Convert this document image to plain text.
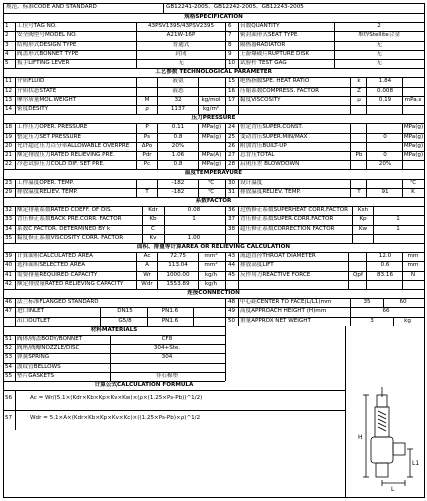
规范、标准CODE AND STANDARD	GB12241-2005、GB12242-2005、GB12243-2005
规格SPECIFICATION
1	工位号TAG NO.	43PSV1395/43PSV2395	6	台数QUANTITY	2
2	安全阀型号MODEL NO.	A21W-16P	7	密封面形式SEAT TYPE	堆焊Stellite合金
3	结构形式DESIGN TYPE	普通式	8	隔热器RADIATOR	无
4	阀盖形式BONNET TYPE	封闭	9	上游爆破片RUPTURE DISK	无
5	扳手LIFTING LEVER	无	10 试验杆 TEST GAG	无
工艺参数 TECHNOLOGICAL PARAMETER
11 介质FLUID	液氨	15 绝热指数SPE. HEAT RATIO	k	1.84
12 介质状态STATE	液态	16 压缩系数COMPRESS. FACTOR	Z	0.008
13 摩尔质量MOL.WEIGHT	M	32	kg/mol	17 黏度VISCOSITY	μ	0.19	mPa.s
14 密度DESITY	ρ	1137	kg/m²
压力PRESSURE
18 工作压力OPER. PRESSURE	P	0.11	MPa(g)	24 恒定背压SUPER.CONST.	MPa(g)
19 整定压力SET PRESSURE	Ps	0.8	MPa(g)	25 变动背压SUPER.MIN/MAX	0	MPa(g)
20 允许超过压力百分率ALLOWABLE OVERPRE	ΔPo	20%	26 附加背压BUILT-UP	MPa(g)
21 额定排放压力RATED RELIEVING PRE.	Pdr	1.06	MPa(A)	27 总背压TOTAL	Pb	0	MPa(g)
22 冷态试验压力COLD DIF. SET PRE.	Pc	0.8	MPa(g)	28 启闭压差 BLOWDOWN	20%
温度TEMPERAYURE
23 工作温度OPER. TEMP.	-182	℃	30 设计温度	℃
29 排放温度RELIEV. TEMP.	T	-182	℃	31 排放温度RELIEV. TEMP.	T	91	K
系数FACTOR
32 额定排量系数RATED COEFF. OF DIS.	Kdr	0.08	36 过热修正系数SUPERHEAT CORR.FACTOR	Ksh
33 背压修正系数BACK PRE.CORR. FACTOR	Kb	1	37 背压修正系数SUPER.CORR.FACTOR	Kp	1
34 系数C FACTOR. DETERMINED BY k	C	38 超压修正系数CORRECTION FACTOR	Kw	1
35 黏度修正系数VISCOSITY CORR. FACTOR	Kv	1.00
面积、排量等计算AREA OR RELIEVING CALCULATION
39 计算面积CALCULATED AREA	Ac	72.75	mm²	43 流道直径THROAT DIAMETER	12.0	mm
40 选择面积SELECTED AREA	A	113.04	mm²	44 排放高度LIFT	0.6	mm
41 需要排量REQUIRED CAPACITY	Wr	1000.00	kg/h	45 反作用力REACTIVE FORCE	Qpf	83.16	N
42 额定排放量RATED RELIEVING CAPACITY	Wdr	1553.89	kg/h
连接CONNECTION
46 法兰标准FLANGED STANDARD	48 中心距CENTER TO FACE(L/L1)mm	35	60
47 进口INLET	DN15	PN1.6	49 高度APPROACH HEIGHT (H)mm	66
出口OUTLET	G5/8	PN1.6	50 重量APPROX NET WEIGHT	3	kg
材料MATERIALS
51 阀体/阀盖BODY/BONNET	CF8
52 阀座/阀瓣NOZZLE/DISC	304+Ste.
53 弹簧SPRING	304
54 波纹管BELLOWS
55 垫片GASKETS	非石棉垫
计算公式CALCULATION FORMULA
56	Ac = Wr/(5.1×(Kdr×Kb×Kp×Kv×Kw)×(ρ×(1.25×Ps-Pb))^1/2)
57	Wdr = 5.1×A×(Kdr×Kb×Kp×Kv×Kc)×((1.25×Ps-Pb)×ρ)^1/2
H
L
L1
